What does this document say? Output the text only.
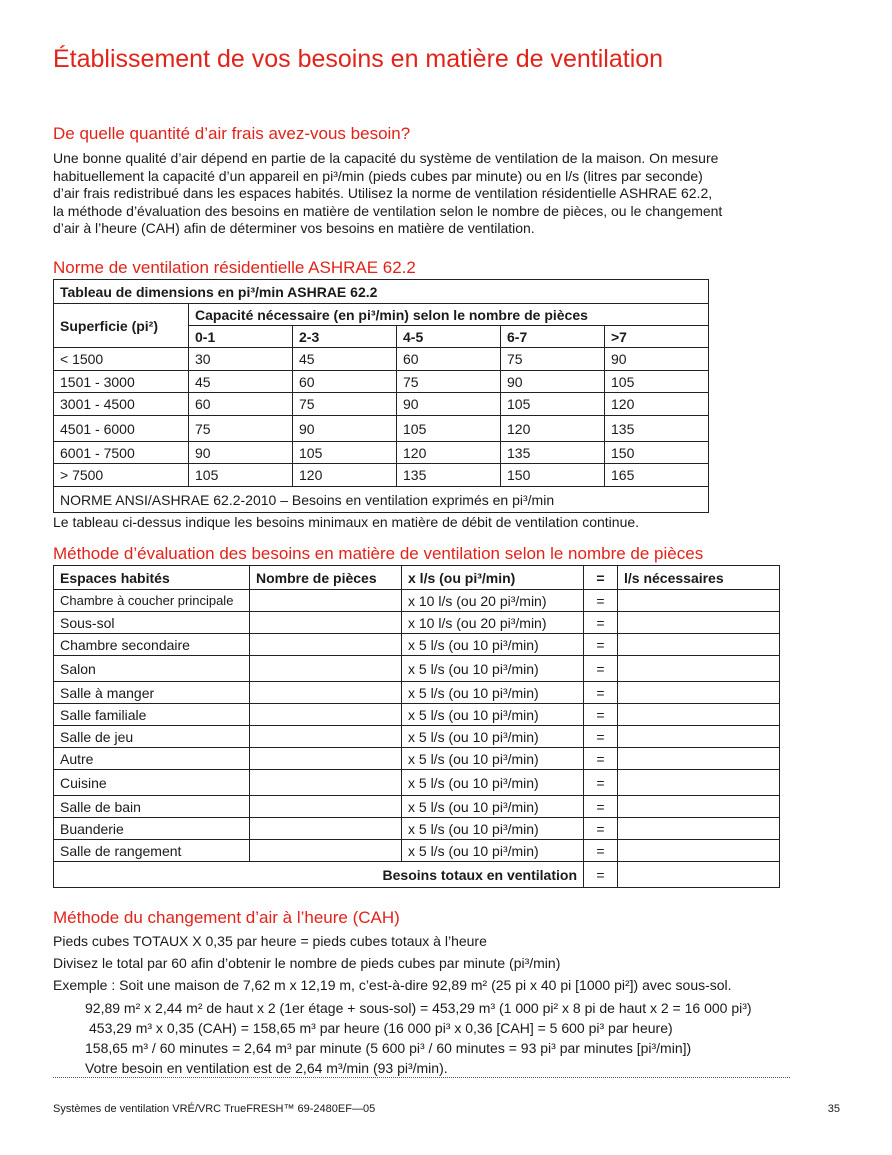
Établissement de vos besoins en matière de ventilation
De quelle quantité d’air frais avez-vous besoin?
Une bonne qualité d’air dépend en partie de la capacité du système de ventilation de la maison. On mesure
habituellement la capacité d’un appareil en pi³/min (pieds cubes par minute) ou en l/s (litres par seconde)
d’air frais redistribué dans les espaces habités. Utilisez la norme de ventilation résidentielle ASHRAE 62.2,
la méthode d’évaluation des besoins en matière de ventilation selon le nombre de pièces, ou le changement
d’air à l’heure (CAH) afin de déterminer vos besoins en matière de ventilation.
Norme de ventilation résidentielle ASHRAE 62.2
Tableau de dimensions en pi³/min ASHRAE 62.2					
Superficie (pi²)	Capacité nécessaire (en pi³/min) selon le nombre de pièces				
	0-1	2-3	4-5	6-7	>7
< 1500	30	45	60	75	90
1501 - 3000	45	60	75	90	105
3001 - 4500	60	75	90	105	120
4501 - 6000	75	90	105	120	135
6001 - 7500	90	105	120	135	150
> 7500	105	120	135	150	165
NORME ANSI/ASHRAE 62.2-2010 – Besoins en ventilation exprimés en pi³/min					
Le tableau ci-dessus indique les besoins minimaux en matière de débit de ventilation continue.
Méthode d’évaluation des besoins en matière de ventilation selon le nombre de pièces
Espaces habités	Nombre de pièces	x l/s (ou pi³/min)	=	l/s nécessaires
Chambre à coucher principale		x 10 l/s (ou 20 pi³/min)	=	
Sous-sol		x 10 l/s (ou 20 pi³/min)	=	
Chambre secondaire		x 5 l/s (ou 10 pi³/min)	=	
Salon		x 5 l/s (ou 10 pi³/min)	=	
Salle à manger		x 5 l/s (ou 10 pi³/min)	=	
Salle familiale		x 5 l/s (ou 10 pi³/min)	=	
Salle de jeu		x 5 l/s (ou 10 pi³/min)	=	
Autre		x 5 l/s (ou 10 pi³/min)	=	
Cuisine		x 5 l/s (ou 10 pi³/min)	=	
Salle de bain		x 5 l/s (ou 10 pi³/min)	=	
Buanderie		x 5 l/s (ou 10 pi³/min)	=	
Salle de rangement		x 5 l/s (ou 10 pi³/min)	=	
Besoins totaux en ventilation			=	
Méthode du changement d’air à l’heure (CAH)
Pieds cubes TOTAUX X 0,35 par heure = pieds cubes totaux à l’heure
Divisez le total par 60 afin d’obtenir le nombre de pieds cubes par minute (pi³/min)
Exemple : Soit une maison de 7,62 m x 12,19 m, c’est-à-dire 92,89 m² (25 pi x 40 pi [1000 pi²]) avec sous-sol.
92,89 m² x 2,44 m² de haut x 2 (1er étage + sous-sol) = 453,29 m³ (1 000 pi² x 8 pi de haut x 2 = 16 000 pi³)
453,29 m³ x 0,35 (CAH) = 158,65 m³ par heure (16 000 pi³ x 0,36 [CAH] = 5 600 pi³ par heure)
158,65 m³ / 60 minutes = 2,64 m³ par minute (5 600 pi³ / 60 minutes = 93 pi³ par minutes [pi³/min])
Votre besoin en ventilation est de 2,64 m³/min (93 pi³/min).
Systèmes de ventilation VRÉ/VRC TrueFRESH™ 69-2480EF—05	35
